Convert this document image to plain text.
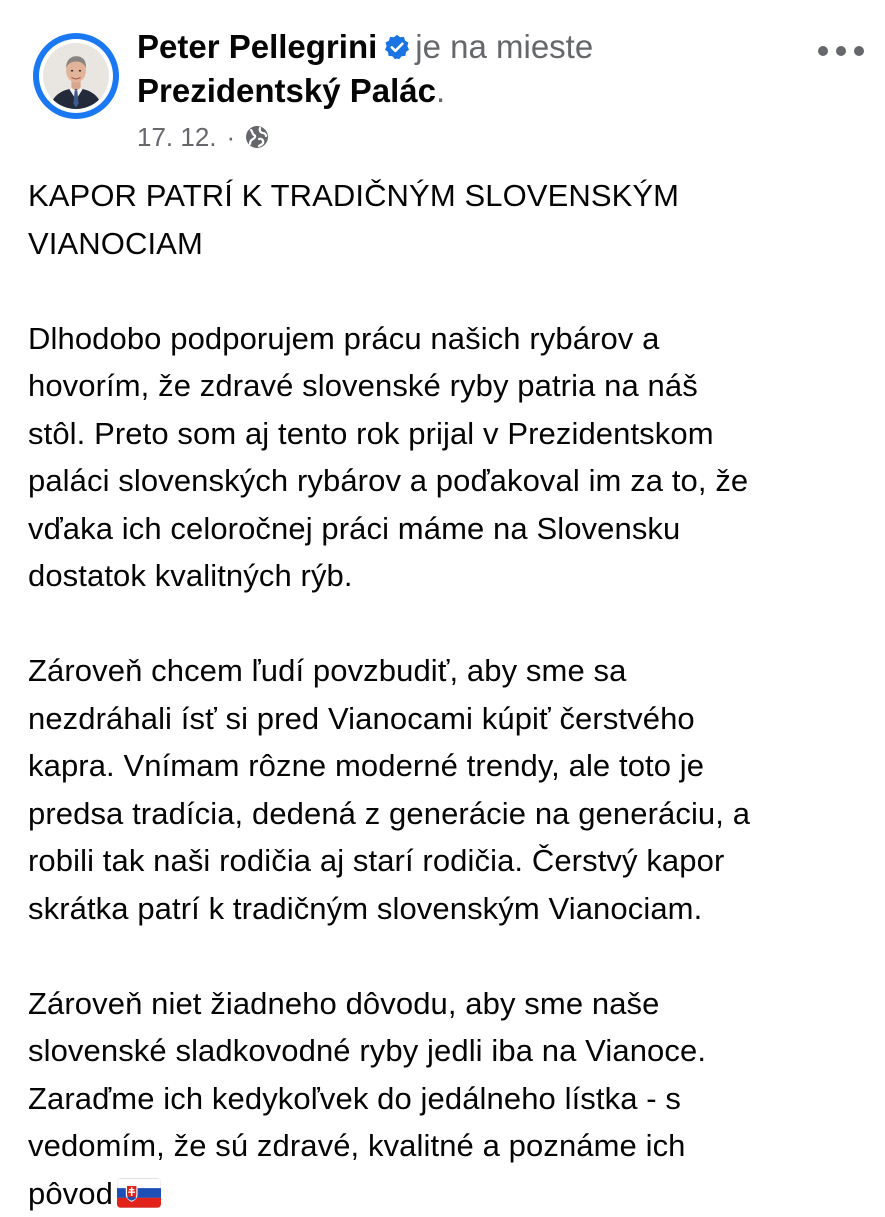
Peter Pellegrini je na mieste
Prezidentský Palác.
17. 12. ·

KAPOR PATRÍ K TRADIČNÝM SLOVENSKÝM
VIANOCIAM

Dlhodobo podporujem prácu našich rybárov a
hovorím, že zdravé slovenské ryby patria na náš
stôl. Preto som aj tento rok prijal v Prezidentskom
paláci slovenských rybárov a poďakoval im za to, že
vďaka ich celoročnej práci máme na Slovensku
dostatok kvalitných rýb.

Zároveň chcem ľudí povzbudiť, aby sme sa
nezdráhali ísť si pred Vianocami kúpiť čerstvého
kapra. Vnímam rôzne moderné trendy, ale toto je
predsa tradícia, dedená z generácie na generáciu, a
robili tak naši rodičia aj starí rodičia. Čerstvý kapor
skrátka patrí k tradičným slovenským Vianociam.

Zároveň niet žiadneho dôvodu, aby sme naše
slovenské sladkovodné ryby jedli iba na Vianoce.
Zaraďme ich kedykoľvek do jedálneho lístka - s
vedomím, že sú zdravé, kvalitné a poznáme ich
pôvod
